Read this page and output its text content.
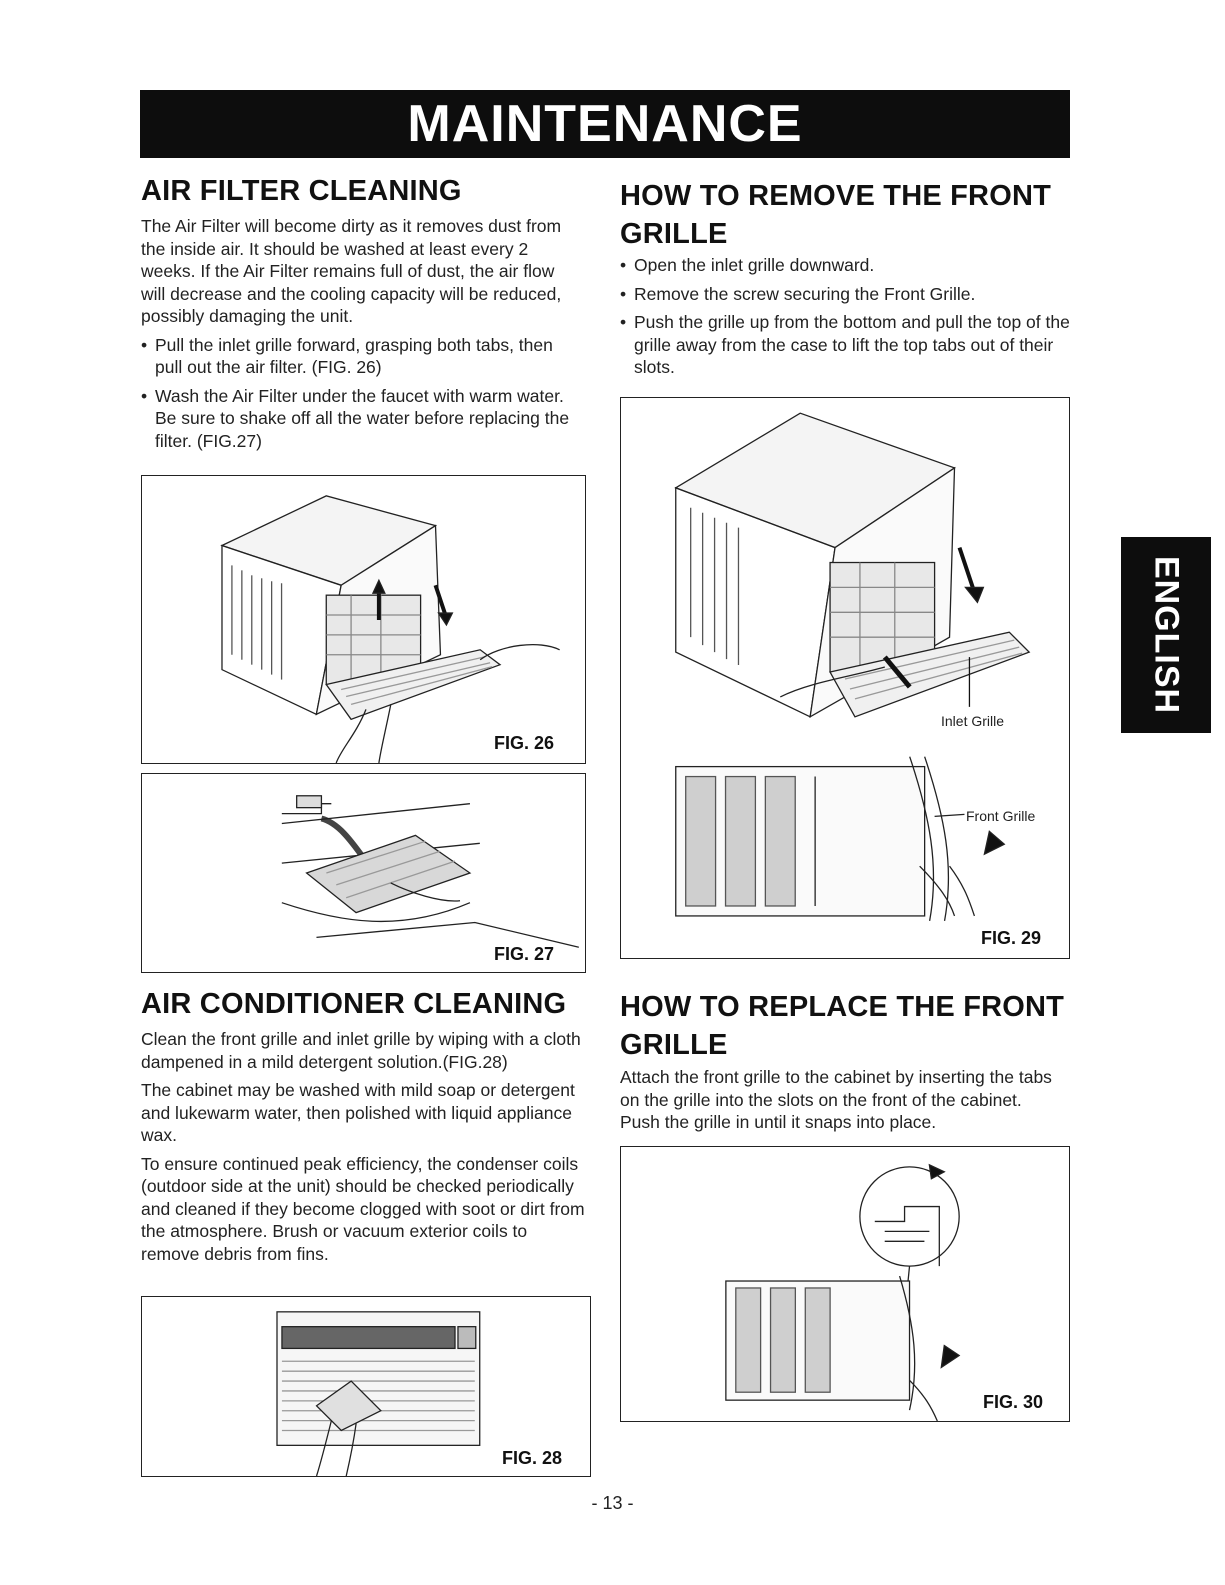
MAINTENANCE
ENGLISH
AIR FILTER CLEANING

The Air Filter will become dirty as it removes dust from the inside air. It should be washed at least every 2 weeks. If the Air Filter remains full of dust, the air flow will decrease and the cooling capacity will be reduced, possibly damaging the unit.

• Pull the inlet grille forward, grasping both tabs, then pull out the air filter. (FIG. 26)
• Wash the Air Filter under the faucet with warm water. Be sure to shake off all the water before replacing the filter. (FIG.27)
FIG. 26
FIG. 27
AIR CONDITIONER CLEANING

Clean the front grille and inlet grille by wiping with a cloth dampened in a mild detergent solution.(FIG.28)

The cabinet may be washed with mild soap or detergent and lukewarm water, then polished with liquid appliance wax.

To ensure continued peak efficiency, the condenser coils (outdoor side at the unit) should be checked periodically and cleaned if they become clogged with soot or dirt from the atmosphere. Brush or vacuum exterior coils to remove debris from fins.

FIG. 28
HOW TO REMOVE THE FRONT GRILLE
• Open the inlet grille downward.
• Remove the screw securing the Front Grille.
• Push the grille up from the bottom and pull the top of the grille away from the case to lift the top tabs out of their slots.
Inlet Grille
Front Grille
FIG. 29
HOW TO REPLACE THE FRONT GRILLE

Attach the front grille to the cabinet by inserting the tabs on the grille into the slots on the front of the cabinet. Push the grille in until it snaps into place.

FIG. 30
- 13 -
